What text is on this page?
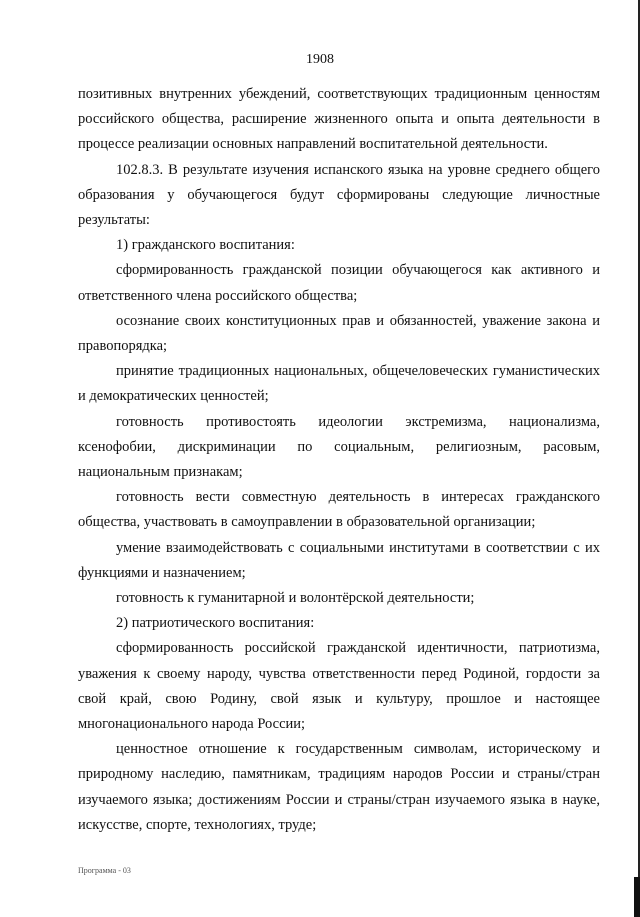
1908

позитивных внутренних убеждений, соответствующих традиционным ценностям российского общества, расширение жизненного опыта и опыта деятельности в процессе реализации основных направлений воспитательной деятельности.

102.8.3. В результате изучения испанского языка на уровне среднего общего образования у обучающегося будут сформированы следующие личностные результаты:

1) гражданского воспитания:

сформированность гражданской позиции обучающегося как активного и ответственного члена российского общества;

осознание своих конституционных прав и обязанностей, уважение закона и правопорядка;

принятие традиционных национальных, общечеловеческих гуманистических и демократических ценностей;

готовность противостоять идеологии экстремизма, национализма, ксенофобии, дискриминации по социальным, религиозным, расовым, национальным признакам;

готовность вести совместную деятельность в интересах гражданского общества, участвовать в самоуправлении в образовательной организации;

умение взаимодействовать с социальными институтами в соответствии с их функциями и назначением;

готовность к гуманитарной и волонтёрской деятельности;

2) патриотического воспитания:

сформированность российской гражданской идентичности, патриотизма, уважения к своему народу, чувства ответственности перед Родиной, гордости за свой край, свою Родину, свой язык и культуру, прошлое и настоящее многонационального народа России;

ценностное отношение к государственным символам, историческому и природному наследию, памятникам, традициям народов России и страны/стран изучаемого языка; достижениям России и страны/стран изучаемого языка в науке, искусстве, спорте, технологиях, труде;

Программа - 03
